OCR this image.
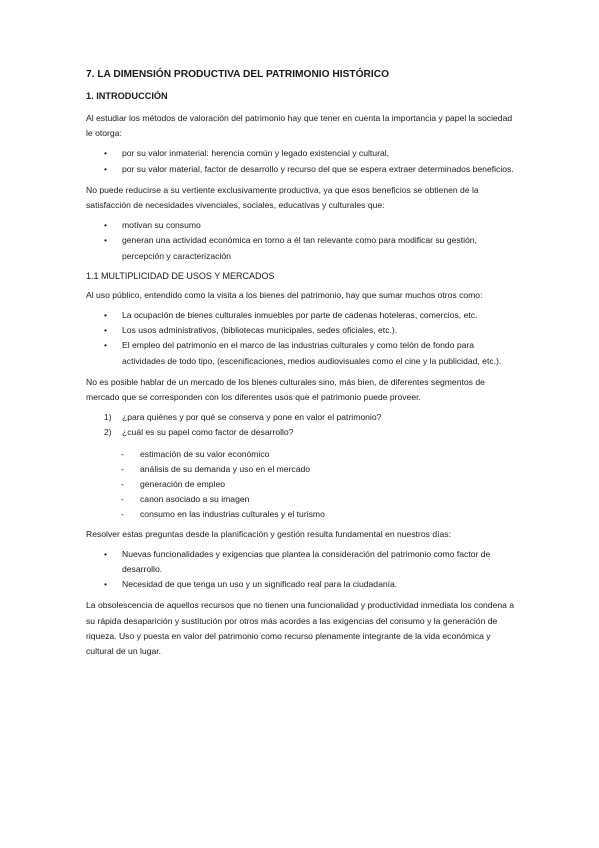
7. LA DIMENSIÓN PRODUCTIVA DEL PATRIMONIO HISTÓRICO
1. INTRODUCCIÓN

Al estudiar los métodos de valoración del patrimonio hay que tener en cuenta la importancia y papel la sociedad le otorga:

• por su valor inmaterial: herencia común y legado existencial y cultural,
• por su valor material, factor de desarrollo y recurso del que se espera extraer determinados beneficios.

No puede reducirse a su vertiente exclusivamente productiva, ya que esos beneficios se obtienen de la satisfacción de necesidades vivenciales, sociales, educativas y culturales que:

• motivan su consumo
• generan una actividad económica en torno a él tan relevante como para modificar su gestión, percepción y caracterización
1.1 MULTIPLICIDAD DE USOS Y MERCADOS

Al uso público, entendido como la visita a los bienes del patrimonio, hay que sumar muchos otros como:

• La ocupación de bienes culturales inmuebles por parte de cadenas hoteleras, comercios, etc.
• Los usos administrativos, (bibliotecas municipales, sedes oficiales, etc.).
• El empleo del patrimonio en el marco de las industrias culturales y como telón de fondo para actividades de todo tipo, (escenificaciones, medios audiovisuales como el cine y la publicidad, etc.).

No es posible hablar de un mercado de los bienes culturales sino, más bien, de diferentes segmentos de mercado que se corresponden con los diferentes usos que el patrimonio puede proveer.

1) ¿para quiénes y por qué se conserva y pone en valor el patrimonio?
2) ¿cuál es su papel como factor de desarrollo?
- estimación de su valor económico
- análisis de su demanda y uso en el mercado
- generación de empleo
- canon asociado a su imagen
- consumo en las industrias culturales y el turismo

Resolver estas preguntas desde la planificación y gestión resulta fundamental en nuestros días:

• Nuevas funcionalidades y exigencias que plantea la consideración del patrimonio como factor de desarrollo.
• Necesidad de que tenga un uso y un significado real para la ciudadanía.

La obsolescencia de aquellos recursos que no tienen una funcionalidad y productividad inmediata los condena a su rápida desaparición y sustitución por otros más acordes a las exigencias del consumo y la generación de riqueza. Uso y puesta en valor del patrimonio como recurso plenamente integrante de la vida económica y cultural de un lugar.
